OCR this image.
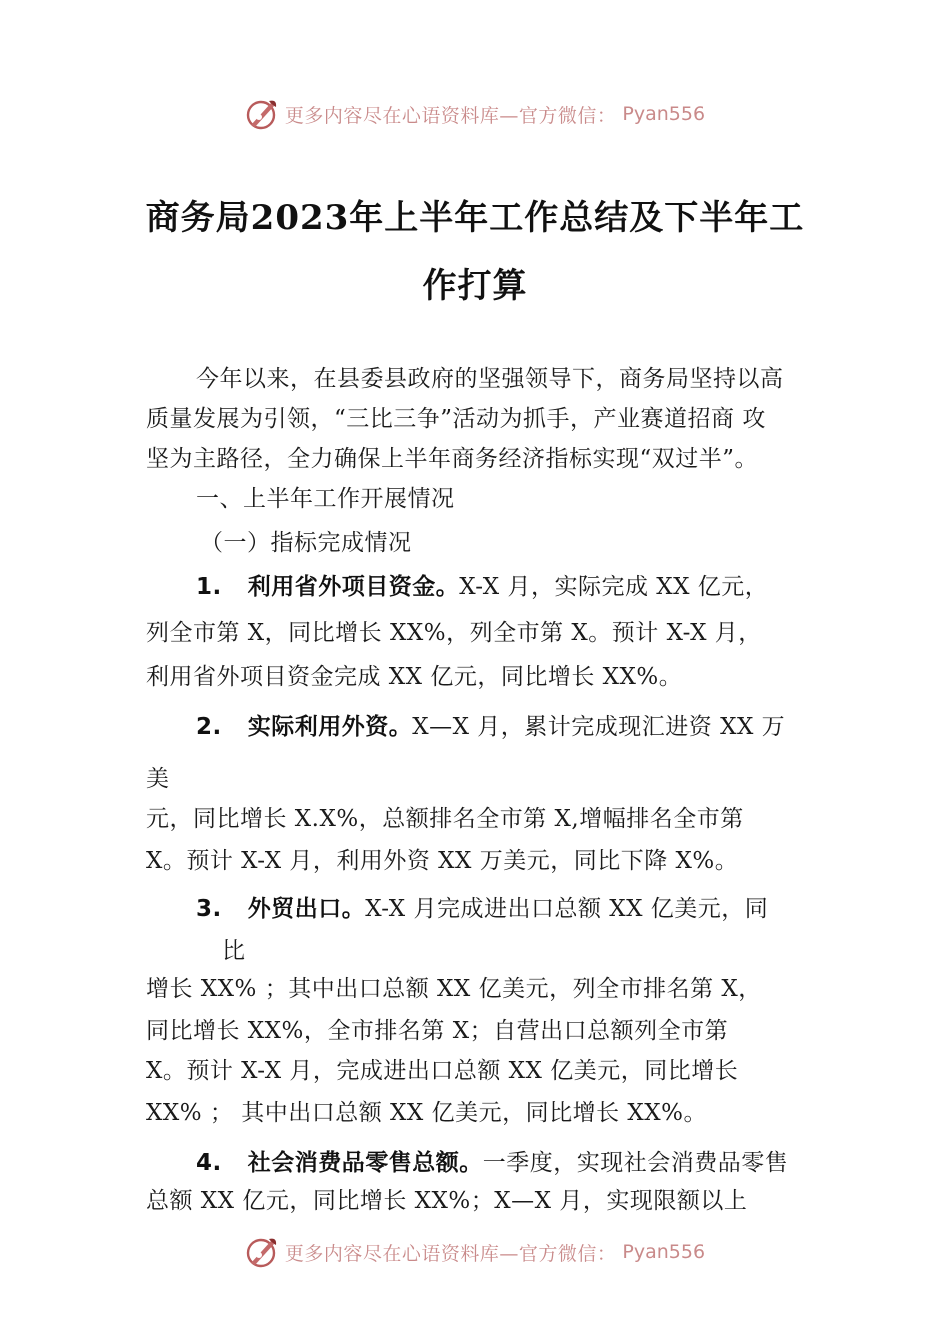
更多内容尽在心语资料库—官方微信： Pyan556
商务局2023年上半年工作总结及下半年工
作打算
今年以来，在县委县政府的坚强领导下，商务局坚持以高
质量发展为引领，“三比三争”活动为抓手，产业赛道招商 攻
坚为主路径，全力确保上半年商务经济指标实现“双过半”。
一、上半年工作开展情况
（一）指标完成情况
1. 利用省外项目资金。X-X 月，实际完成 XX 亿元，
列全市第 X，同比增长 XX%，列全市第 X。预计 X-X 月，
利用省外项目资金完成 XX 亿元，同比增长 XX%。
2. 实际利用外资。X—X 月，累计完成现汇进资 XX 万
美
元，同比增长 X.X%，总额排名全市第 X,增幅排名全市第
X。预计 X-X 月，利用外资 XX 万美元，同比下降 X%。
3. 外贸出口。X-X 月完成进出口总额 XX 亿美元，同
比
增长 XX% ；其中出口总额 XX 亿美元，列全市排名第 X，
同比增长 XX%，全市排名第 X；自营出口总额列全市第
X。预计 X-X 月，完成进出口总额 XX 亿美元，同比增长
XX% ； 其中出口总额 XX 亿美元，同比增长 XX%。
4. 社会消费品零售总额。一季度，实现社会消费品零售
总额 XX 亿元，同比增长 XX%；X—X 月，实现限额以上
更多内容尽在心语资料库—官方微信： Pyan556
